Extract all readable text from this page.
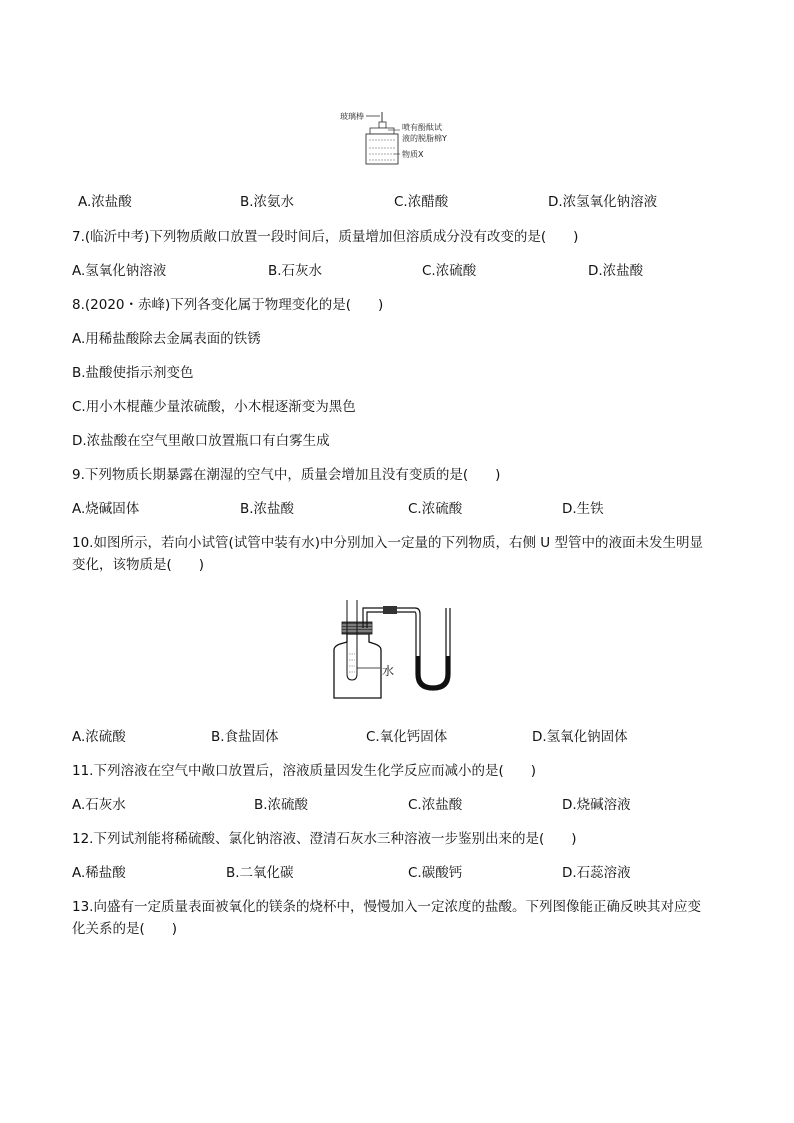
玻璃棒
喷有酚酞试
液的脱脂棉Y
物质X
A.浓盐酸	B.浓氨水	C.浓醋酸	D.浓氢氧化钠溶液
7.(临沂中考)下列物质敞口放置一段时间后，质量增加但溶质成分没有改变的是(　　)
A.氢氧化钠溶液	B.石灰水	C.浓硫酸	D.浓盐酸
8.(2020・赤峰)下列各变化属于物理变化的是(　　)
A.用稀盐酸除去金属表面的铁锈
B.盐酸使指示剂变色
C.用小木棍蘸少量浓硫酸，小木棍逐渐变为黑色
D.浓盐酸在空气里敞口放置瓶口有白雾生成
9.下列物质长期暴露在潮湿的空气中，质量会增加且没有变质的是(　　)
A.烧碱固体	B.浓盐酸	C.浓硫酸	D.生铁
10.如图所示，若向小试管(试管中装有水)中分别加入一定量的下列物质，右侧 U 型管中的液面未发生明显
变化，该物质是(　　)
水
A.浓硫酸	B.食盐固体	C.氧化钙固体	D.氢氧化钠固体
11.下列溶液在空气中敞口放置后，溶液质量因发生化学反应而减小的是(　　)
A.石灰水	B.浓硫酸	C.浓盐酸	D.烧碱溶液
12.下列试剂能将稀硫酸、氯化钠溶液、澄清石灰水三种溶液一步鉴别出来的是(　　)
A.稀盐酸	B.二氧化碳	C.碳酸钙	D.石蕊溶液
13.向盛有一定质量表面被氧化的镁条的烧杯中，慢慢加入一定浓度的盐酸。下列图像能正确反映其对应变
化关系的是(　　)
